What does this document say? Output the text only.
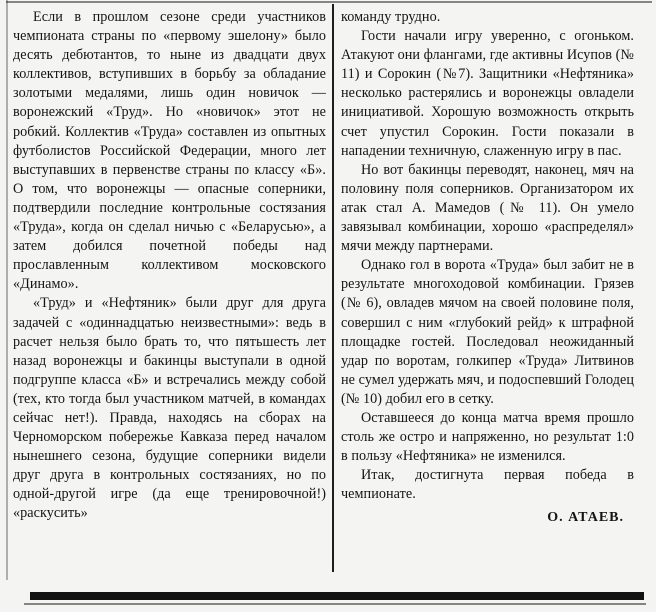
Если в прошлом сезоне среди участников чемпионата страны по «первому эшелону» было десять дебютантов, то ныне из двадцати двух коллективов, вступивших в борьбу за обладание золотыми медалями, лишь один новичок — воронежский «Труд». Но «новичок» этот не робкий. Коллектив «Труда» составлен из опытных футболистов Российской Федерации, много лет выступавших в первенстве страны по классу «Б». О том, что воронежцы — опасные соперники, подтвердили последние контрольные состязания «Труда», когда он сделал ничью с «Беларусью», а затем добился почетной победы над прославленным коллективом московского «Динамо».

«Труд» и «Нефтяник» были друг для друга задачей с «одиннадцатью неизвестными»: ведь в расчет нельзя было брать то, что пятьшесть лет назад воронежцы и бакинцы выступали в одной подгруппе класса «Б» и встречались между собой (тех, кто тогда был участником матчей, в командах сейчас нет!). Правда, находясь на сборах на Черноморском побережье Кавказа перед началом нынешнего сезона, будущие соперники видели друг друга в контрольных состязаниях, но по одной-другой игре (да еще тренировочной!) «раскусить»

команду трудно.

Гости начали игру уверенно, с огоньком. Атакуют они флангами, где активны Исупов (№ 11) и Сорокин (№7). Защитники «Нефтяника» несколько растерялись и воронежцы овладели инициативой. Хорошую возможность открыть счет упустил Сорокин. Гости показали в нападении техничную, слаженную игру в пас.

Но вот бакинцы переводят, наконец, мяч на половину поля соперников. Организатором их атак стал А. Мамедов (№ 11). Он умело завязывал комбинации, хорошо «распределял» мячи между партнерами.

Однако гол в ворота «Труда» был забит не в результате многоходовой комбинации. Грязев (№ 6), овладев мячом на своей половине поля, совершил с ним «глубокий рейд» к штрафной площадке гостей. Последовал неожиданный удар по воротам, голкипер «Труда» Литвинов не сумел удержать мяч, и подоспевший Голодец (№ 10) добил его в сетку.

Оставшееся до конца матча время прошло столь же остро и напряженно, но результат 1:0 в пользу «Нефтяника» не изменился.

Итак, достигнута первая победа в чемпионате.

О. АТАЕВ.
